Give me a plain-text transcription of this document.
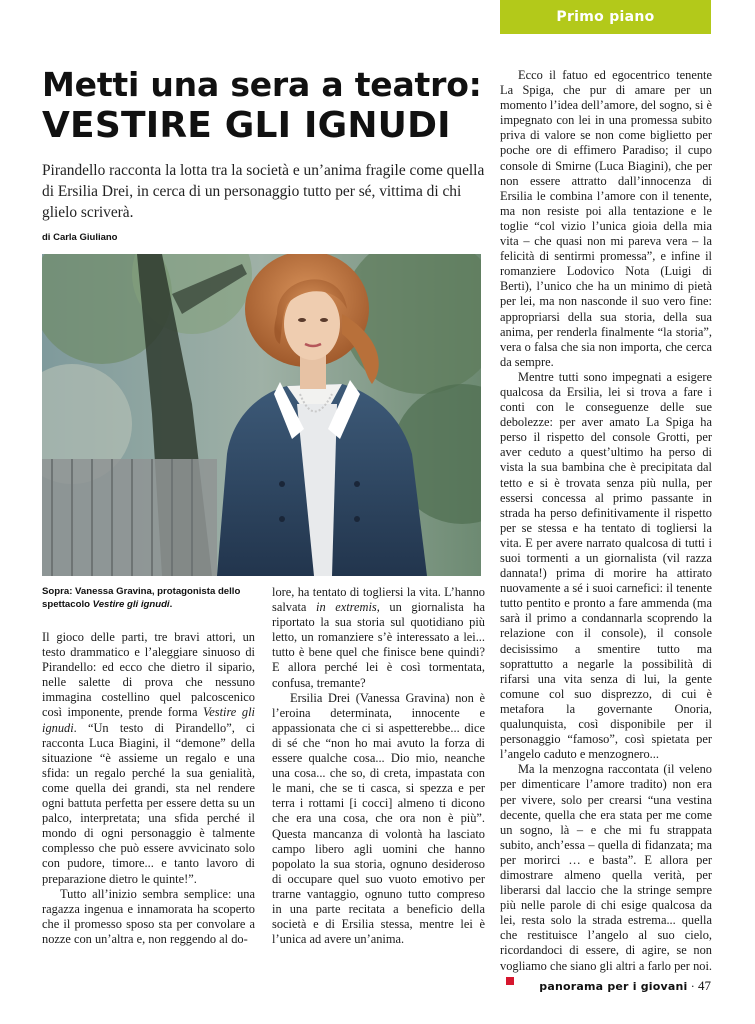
Primo piano
Metti una sera a teatro:
VESTIRE GLI IGNUDI
Pirandello racconta la lotta tra la società e un’anima fragile come quella di Ersilia Drei, in cerca di un personaggio tutto per sé, vittima di chi glielo scriverà.
di Carla Giuliano
Sopra: Vanessa Gravina, protagonista dello spettacolo Vestire gli ignudi.

Il gioco delle parti, tre bravi attori, un testo drammatico e l’aleggiare sinuoso di Pirandello: ed ecco che dietro il sipario, nelle salette di prova che nessuno immagina costellino quel palcoscenico così imponente, prende forma Vestire gli ignudi. “Un testo di Pirandello”, ci racconta Luca Biagini, il “demone” della situazione “è assieme un regalo e una sfida: un regalo perché la sua genialità, come quella dei grandi, sta nel rendere ogni battuta perfetta per essere detta su un palco, interpretata; una sfida perché il mondo di ogni personaggio è talmente complesso che può essere avvicinato solo con pudore, timore... e tanto lavoro di preparazione dietro le quinte!”.

Tutto all’inizio sembra semplice: una ragazza ingenua e innamorata ha scoperto che il promesso sposo sta per convolare a nozze con un’altra e, non reggendo al do-

lore, ha tentato di togliersi la vita. L’hanno salvata in extremis, un giornalista ha riportato la sua storia sul quotidiano più letto, un romanziere s’è interessato a lei... tutto è bene quel che finisce bene quindi? E allora perché lei è così tormentata, confusa, tremante?

Ersilia Drei (Vanessa Gravina) non è l’eroina determinata, innocente e appassionata che ci si aspetterebbe... dice di sé che “non ho mai avuto la forza di essere qualche cosa... Dio mio, neanche una cosa... che so, di creta, impastata con le mani, che se ti casca, si spezza e per terra i rottami [i cocci] almeno ti dicono che era una cosa, che ora non è più”. Questa mancanza di volontà ha lasciato campo libero agli uomini che hanno popolato la sua storia, ognuno desideroso di occupare quel suo vuoto emotivo per trarne vantaggio, ognuno tutto compreso in una parte recitata a beneficio della società e di Ersilia stessa, mentre lei è l’unica ad avere un’anima.

Ecco il fatuo ed egocentrico tenente La Spiga, che pur di amare per un momento l’idea dell’amore, del sogno, si è impegnato con lei in una promessa subito priva di valore se non come biglietto per poche ore di effimero Paradiso; il cupo console di Smirne (Luca Biagini), che per non essere attratto dall’innocenza di Ersilia le combina l’amore con il tenente, ma non resiste poi alla tentazione e le toglie “col vizio l’unica gioia della mia vita – che quasi non mi pareva vera – la felicità di sentirmi promessa”, e infine il romanziere Lodovico Nota (Luigi di Berti), l’unico che ha un minimo di pietà per lei, ma non nasconde il suo vero fine: appropriarsi della sua storia, della sua anima, per renderla finalmente “la storia”, vera o falsa che sia non importa, che cerca da sempre.

Mentre tutti sono impegnati a esigere qualcosa da Ersilia, lei si trova a fare i conti con le conseguenze delle sue debolezze: per aver amato La Spiga ha perso il rispetto del console Grotti, per aver ceduto a quest’ultimo ha perso di vista la sua bambina che è precipitata dal tetto e si è trovata senza più nulla, per essersi concessa al primo passante in strada ha perso definitivamente il rispetto per se stessa e ha tentato di togliersi la vita. E per avere narrato qualcosa di tutti i suoi tormenti a un giornalista (vil razza dannata!) prima di morire ha attirato nuovamente a sé i suoi carnefici: il tenente tutto pentito e pronto a fare ammenda (ma sarà il primo a condannarla scoprendo la relazione con il console), il console decisissimo a smentire tutto ma soprattutto a negarle la possibilità di rifarsi una vita senza di lui, la gente comune col suo disprezzo, di cui è metafora la governante Onoria, qualunquista, così disponibile per il personaggio “famoso”, così spietata per l’angelo caduto e menzognero...

Ma la menzogna raccontata (il veleno per dimenticare l’amore tradito) non era per vivere, solo per crearsi “una vestina decente, quella che era stata per me come un sogno, là – e che mi fu strappata subito, anch’essa – quella di fidanzata; ma per morirci … e basta”. E allora per dimostrare almeno quella verità, per liberarsi dal laccio che la stringe sempre più nelle parole di chi esige qualcosa da lei, resta solo la strada estrema... quella che restituisce l’angelo al suo cielo, ricordandoci di essere, di agire, se non vogliamo che siano gli altri a farlo per noi.

panorama per i giovani · 47
